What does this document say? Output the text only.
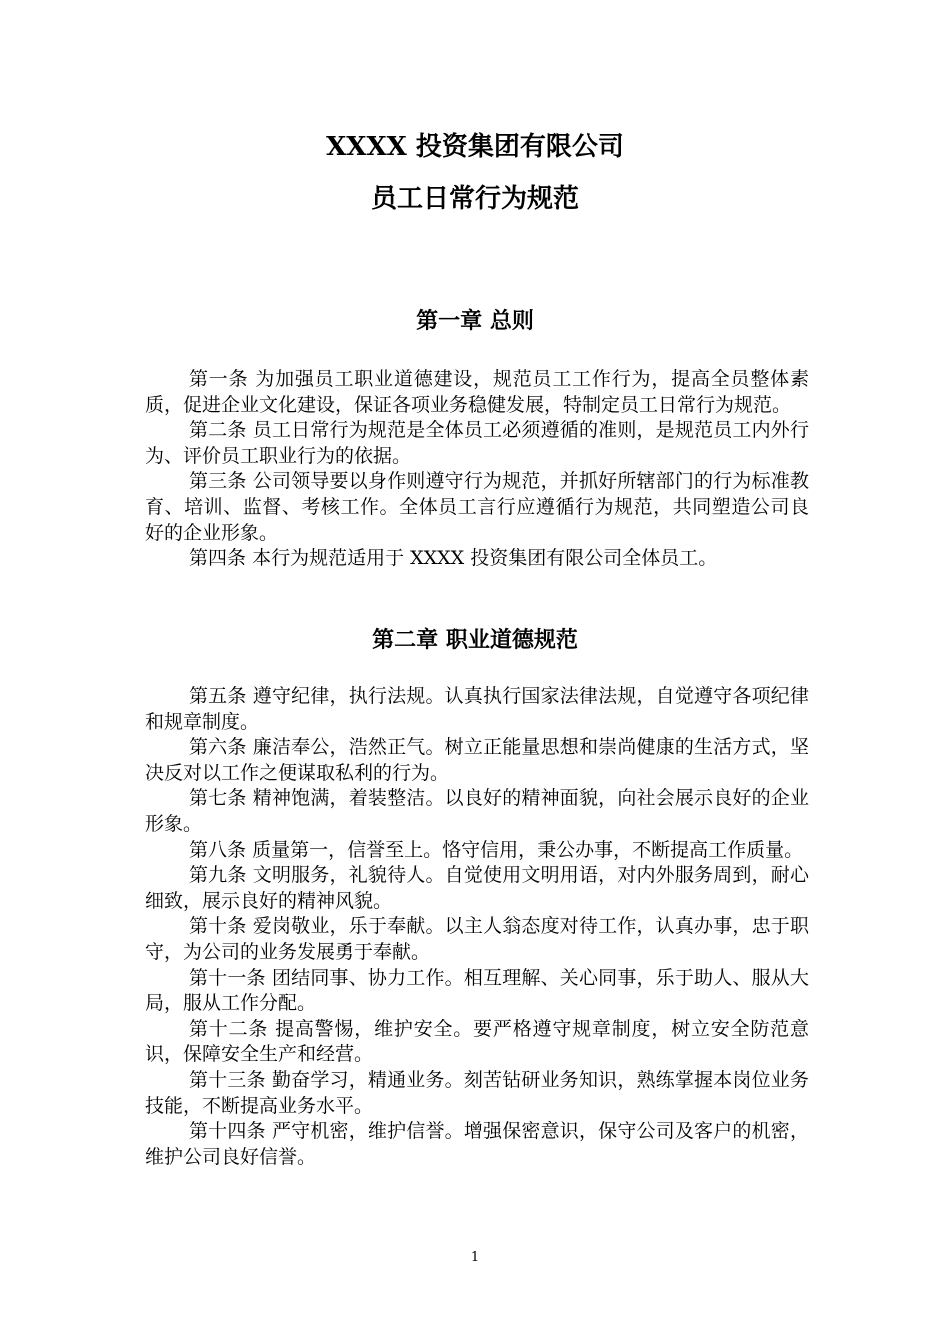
XXXX 投资集团有限公司
员工日常行为规范
第一章 总则

第一条 为加强员工职业道德建设，规范员工工作行为，提高全员整体素质，促进企业文化建设，保证各项业务稳健发展，特制定员工日常行为规范。

第二条 员工日常行为规范是全体员工必须遵循的准则，是规范员工内外行为、评价员工职业行为的依据。

第三条 公司领导要以身作则遵守行为规范，并抓好所辖部门的行为标准教育、培训、监督、考核工作。全体员工言行应遵循行为规范，共同塑造公司良好的企业形象。

第四条 本行为规范适用于 XXXX 投资集团有限公司全体员工。

第二章 职业道德规范

第五条 遵守纪律，执行法规。认真执行国家法律法规，自觉遵守各项纪律和规章制度。

第六条 廉洁奉公，浩然正气。树立正能量思想和崇尚健康的生活方式，坚决反对以工作之便谋取私利的行为。

第七条 精神饱满，着装整洁。以良好的精神面貌，向社会展示良好的企业形象。

第八条 质量第一，信誉至上。恪守信用，秉公办事，不断提高工作质量。

第九条 文明服务，礼貌待人。自觉使用文明用语，对内外服务周到，耐心细致，展示良好的精神风貌。

第十条 爱岗敬业，乐于奉献。以主人翁态度对待工作，认真办事，忠于职守，为公司的业务发展勇于奉献。

第十一条 团结同事、协力工作。相互理解、关心同事，乐于助人、服从大局，服从工作分配。

第十二条 提高警惕，维护安全。要严格遵守规章制度，树立安全防范意识，保障安全生产和经营。

第十三条 勤奋学习，精通业务。刻苦钻研业务知识，熟练掌握本岗位业务技能，不断提高业务水平。

第十四条 严守机密，维护信誉。增强保密意识，保守公司及客户的机密，维护公司良好信誉。

1
